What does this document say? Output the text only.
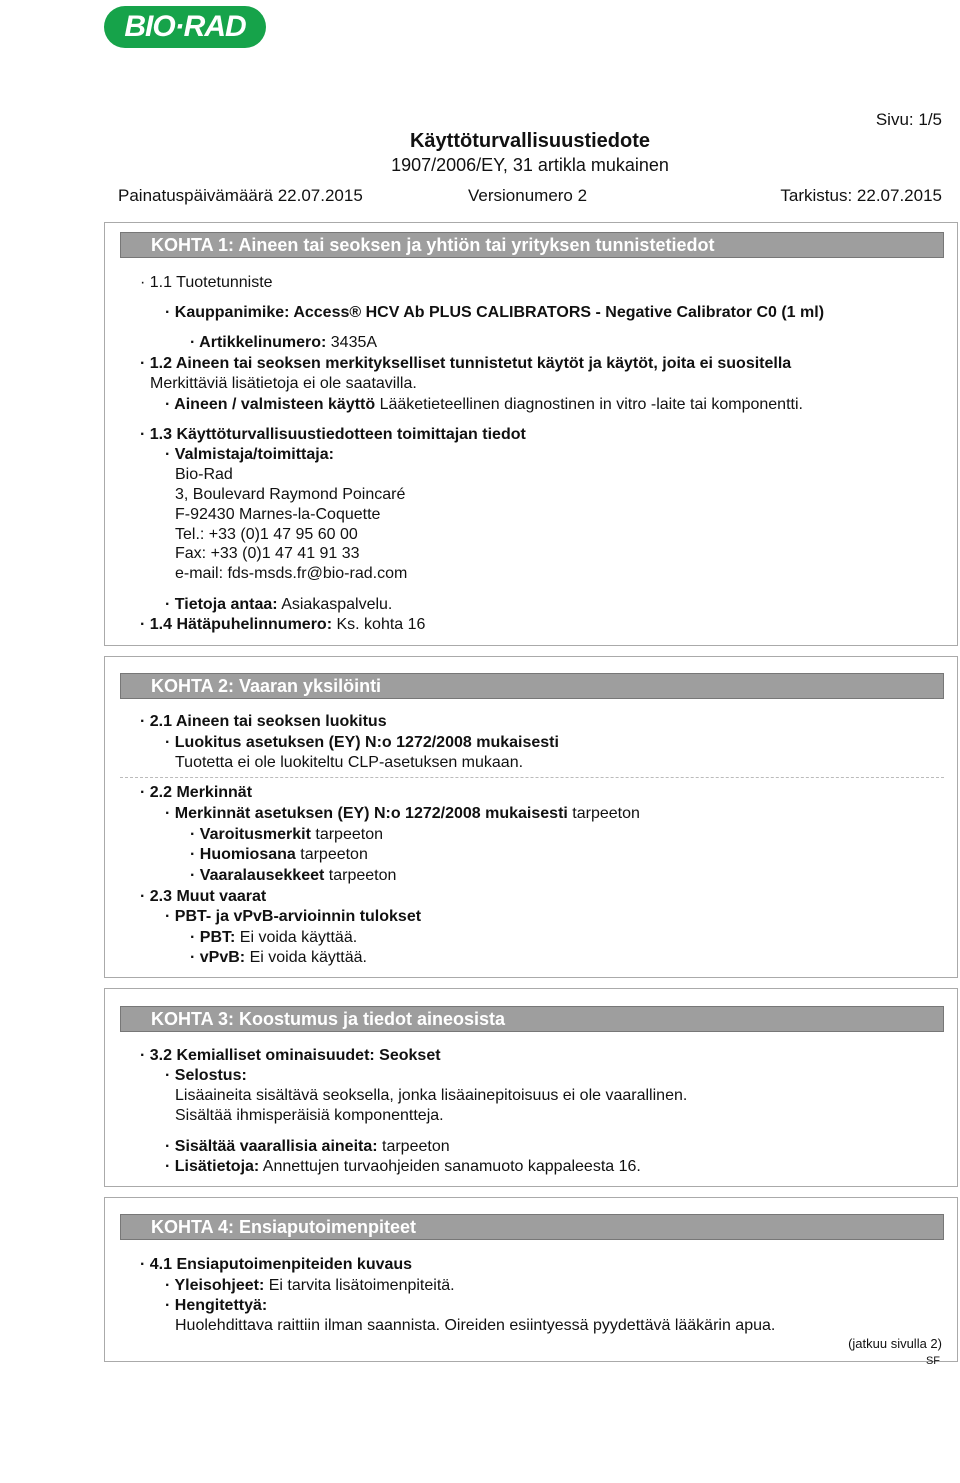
BIO·RAD
Sivu: 1/5
Käyttöturvallisuustiedote
1907/2006/EY, 31 artikla mukainen
Painatuspäivämäärä 22.07.2015	Versionumero 2	Tarkistus: 22.07.2015
KOHTA 1: Aineen tai seoksen ja yhtiön tai yrityksen tunnistetiedot
· 1.1 Tuotetunniste
· Kauppanimike: Access® HCV Ab PLUS CALIBRATORS - Negative Calibrator C0 (1 ml)
· Artikkelinumero: 3435A
· 1.2 Aineen tai seoksen merkitykselliset tunnistetut käytöt ja käytöt, joita ei suositella
Merkittäviä lisätietoja ei ole saatavilla.
· Aineen / valmisteen käyttö Lääketieteellinen diagnostinen in vitro -laite tai komponentti.
· 1.3 Käyttöturvallisuustiedotteen toimittajan tiedot
· Valmistaja/toimittaja:
Bio-Rad
3, Boulevard Raymond Poincaré
F-92430 Marnes-la-Coquette
Tel.: +33 (0)1 47 95 60 00
Fax: +33 (0)1 47 41 91 33
e-mail: fds-msds.fr@bio-rad.com
· Tietoja antaa: Asiakaspalvelu.
· 1.4 Hätäpuhelinnumero: Ks. kohta 16
KOHTA 2: Vaaran yksilöinti
· 2.1 Aineen tai seoksen luokitus
· Luokitus asetuksen (EY) N:o 1272/2008 mukaisesti
Tuotetta ei ole luokiteltu CLP-asetuksen mukaan.
· 2.2 Merkinnät
· Merkinnät asetuksen (EY) N:o 1272/2008 mukaisesti tarpeeton
· Varoitusmerkit tarpeeton
· Huomiosana tarpeeton
· Vaaralausekkeet tarpeeton
· 2.3 Muut vaarat
· PBT- ja vPvB-arvioinnin tulokset
· PBT: Ei voida käyttää.
· vPvB: Ei voida käyttää.
KOHTA 3: Koostumus ja tiedot aineosista
· 3.2 Kemialliset ominaisuudet: Seokset
· Selostus:
Lisäaineita sisältävä seoksella, jonka lisäainepitoisuus ei ole vaarallinen.
Sisältää ihmisperäisiä komponentteja.
· Sisältää vaarallisia aineita: tarpeeton
· Lisätietoja: Annettujen turvaohjeiden sanamuoto kappaleesta 16.
KOHTA 4: Ensiaputoimenpiteet
· 4.1 Ensiaputoimenpiteiden kuvaus
· Yleisohjeet: Ei tarvita lisätoimenpiteitä.
· Hengitettyä:
Huolehdittava raittiin ilman saannista. Oireiden esiintyessä pyydettävä lääkärin apua.
(jatkuu sivulla 2)
SF
